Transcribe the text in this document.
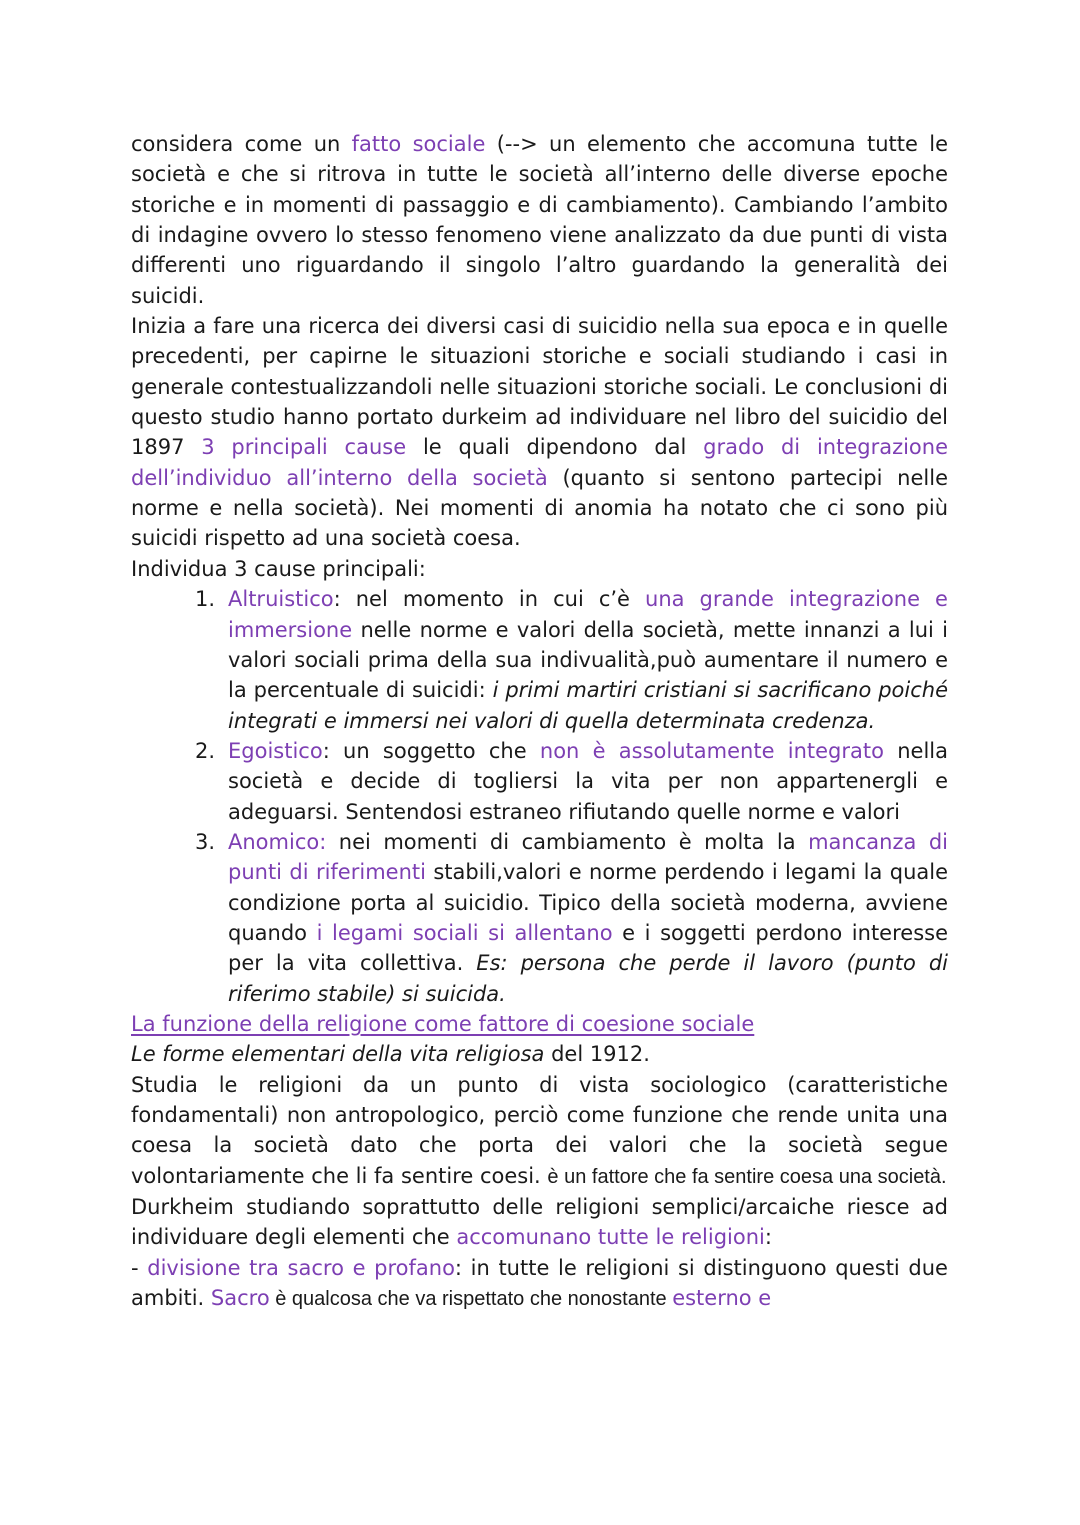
considera come un fatto sociale (--> un elemento che accomuna tutte le società e che si ritrova in tutte le società all’interno delle diverse epoche storiche e in momenti di passaggio e di cambiamento). Cambiando l’ambito di indagine ovvero lo stesso fenomeno viene analizzato da due punti di vista differenti uno riguardando il singolo l’altro guardando la generalità dei suicidi.

Inizia a fare una ricerca dei diversi casi di suicidio nella sua epoca e in quelle precedenti, per capirne le situazioni storiche e sociali studiando i casi in generale contestualizzandoli nelle situazioni storiche sociali. Le conclusioni di questo studio hanno portato durkeim ad individuare nel libro del suicidio del 1897 3 principali cause le quali dipendono dal grado di integrazione dell’individuo all’interno della società (quanto si sentono partecipi nelle norme e nella società). Nei momenti di anomia ha notato che ci sono più suicidi rispetto ad una società coesa.

Individua 3 cause principali:

1. Altruistico: nel momento in cui c’è una grande integrazione e immersione nelle norme e valori della società, mette innanzi a lui i valori sociali prima della sua indivualità,può aumentare il numero e la percentuale di suicidi: i primi martiri cristiani si sacrificano poiché integrati e immersi nei valori di quella determinata credenza.
2. Egoistico: un soggetto che non è assolutamente integrato nella società e decide di togliersi la vita per non appartenergli e adeguarsi. Sentendosi estraneo rifiutando quelle norme e valori
3. Anomico: nei momenti di cambiamento è molta la mancanza di punti di riferimenti stabili,valori e norme perdendo i legami la quale condizione porta al suicidio. Tipico della società moderna, avviene quando i legami sociali si allentano e i soggetti perdono interesse per la vita collettiva. Es: persona che perde il lavoro (punto di riferimo stabile) si suicida.

La funzione della religione come fattore di coesione sociale

Le forme elementari della vita religiosa del 1912.

Studia le religioni da un punto di vista sociologico (caratteristiche fondamentali) non antropologico, perciò come funzione che rende unita una coesa la società dato che porta dei valori che la società segue volontariamente che li fa sentire coesi. è un fattore che fa sentire coesa una società.

Durkheim studiando soprattutto delle religioni semplici/arcaiche riesce ad individuare degli elementi che accomunano tutte le religioni:

- divisione tra sacro e profano: in tutte le religioni si distinguono questi due ambiti. Sacro è qualcosa che va rispettato che nonostante esterno e
